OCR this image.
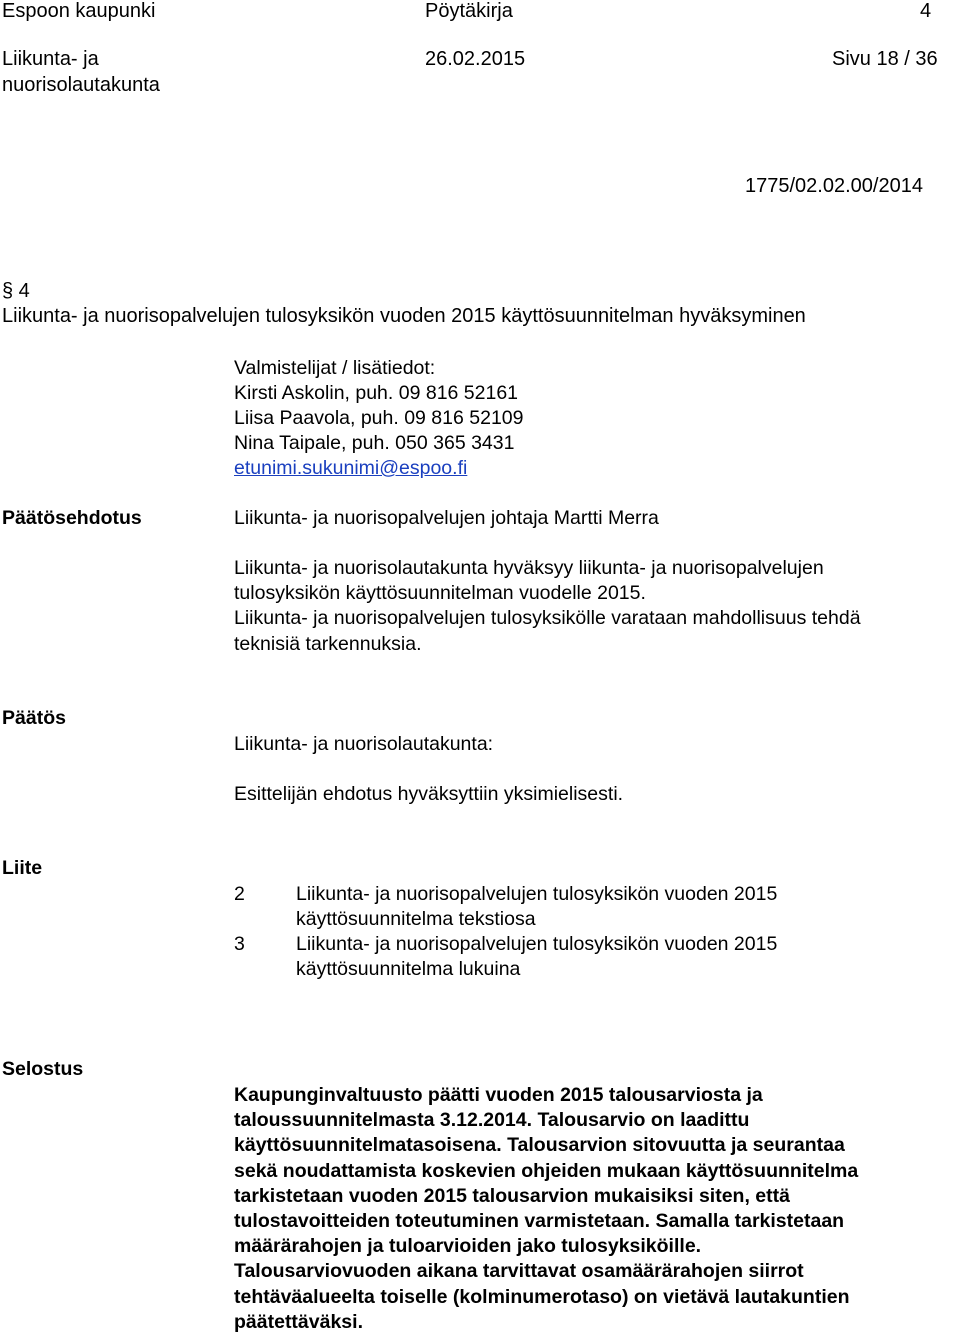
Espoon kaupunki	Pöytäkirja	4
Liikunta- ja
nuorisolautakunta
26.02.2015	Sivu 18 / 36
1775/02.02.00/2014
§ 4
Liikunta- ja nuorisopalvelujen tulosyksikön vuoden 2015 käyttösuunnitelman hyväksyminen
Valmistelijat / lisätiedot:
Kirsti Askolin, puh. 09 816 52161
Liisa Paavola, puh. 09 816 52109
Nina Taipale, puh. 050 365 3431
etunimi.sukunimi@espoo.fi
Päätösehdotus	Liikunta- ja nuorisopalvelujen johtaja Martti Merra
Liikunta- ja nuorisolautakunta hyväksyy liikunta- ja nuorisopalvelujen
tulosyksikön käyttösuunnitelman vuodelle 2015.
Liikunta- ja nuorisopalvelujen tulosyksikölle varataan mahdollisuus tehdä
teknisiä tarkennuksia.
Päätös
Liikunta- ja nuorisolautakunta:
Esittelijän ehdotus hyväksyttiin yksimielisesti.
Liite
2	Liikunta- ja nuorisopalvelujen tulosyksikön vuoden 2015
käyttösuunnitelma tekstiosa
3	Liikunta- ja nuorisopalvelujen tulosyksikön vuoden 2015
käyttösuunnitelma lukuina
Selostus
Kaupunginvaltuusto päätti vuoden 2015 talousarviosta ja
taloussuunnitelmasta 3.12.2014. Talousarvio on laadittu
käyttösuunnitelmatasoisena. Talousarvion sitovuutta ja seurantaa
sekä noudattamista koskevien ohjeiden mukaan käyttösuunnitelma
tarkistetaan vuoden 2015 talousarvion mukaisiksi siten, että
tulostavoitteiden toteutuminen varmistetaan. Samalla tarkistetaan
määrärahojen ja tuloarvioiden jako tulosyksiköille.
Talousarviovuoden aikana tarvittavat osamäärärahojen siirrot
tehtäväalueelta toiselle (kolminumerotaso) on vietävä lautakuntien
päätettäväksi.
